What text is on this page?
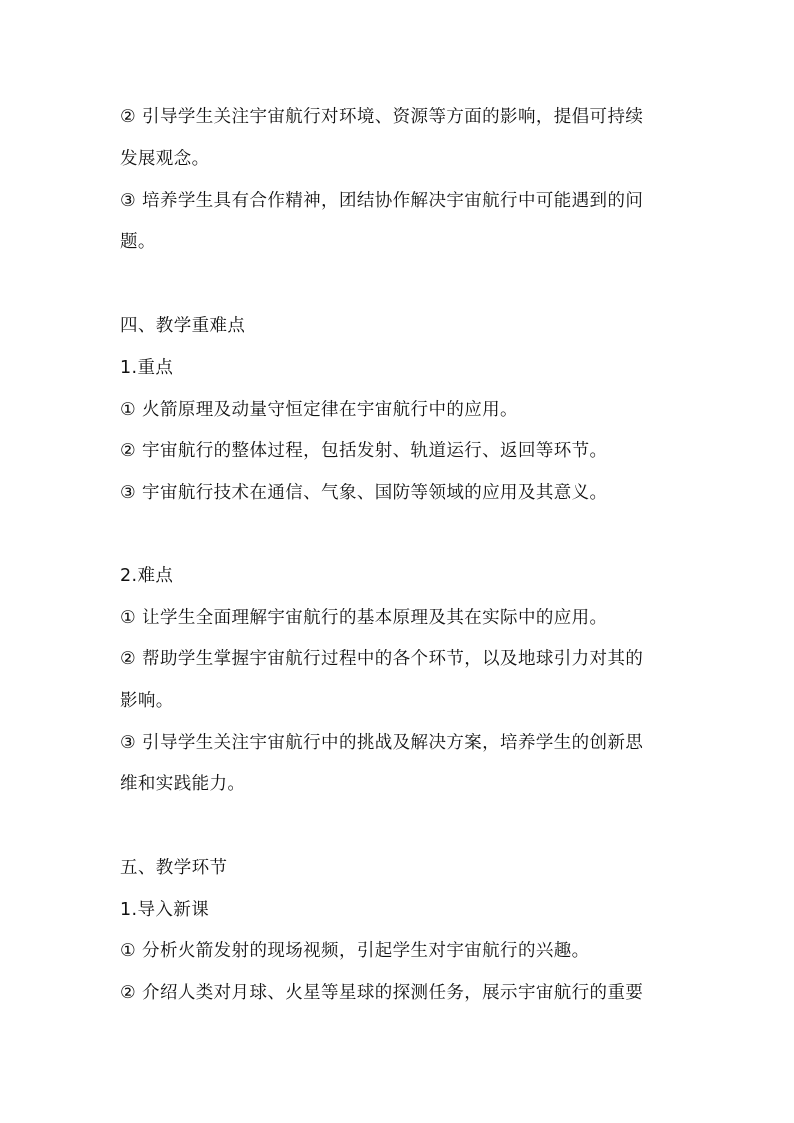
② 引导学生关注宇宙航行对环境、资源等方面的影响，提倡可持续
发展观念。
③ 培养学生具有合作精神，团结协作解决宇宙航行中可能遇到的问
题。
四、教学重难点
1.重点
① 火箭原理及动量守恒定律在宇宙航行中的应用。
② 宇宙航行的整体过程，包括发射、轨道运行、返回等环节。
③ 宇宙航行技术在通信、气象、国防等领域的应用及其意义。
2.难点
① 让学生全面理解宇宙航行的基本原理及其在实际中的应用。
② 帮助学生掌握宇宙航行过程中的各个环节，以及地球引力对其的
影响。
③ 引导学生关注宇宙航行中的挑战及解决方案，培养学生的创新思
维和实践能力。
五、教学环节
1.导入新课
① 分析火箭发射的现场视频，引起学生对宇宙航行的兴趣。
② 介绍人类对月球、火星等星球的探测任务，展示宇宙航行的重要
